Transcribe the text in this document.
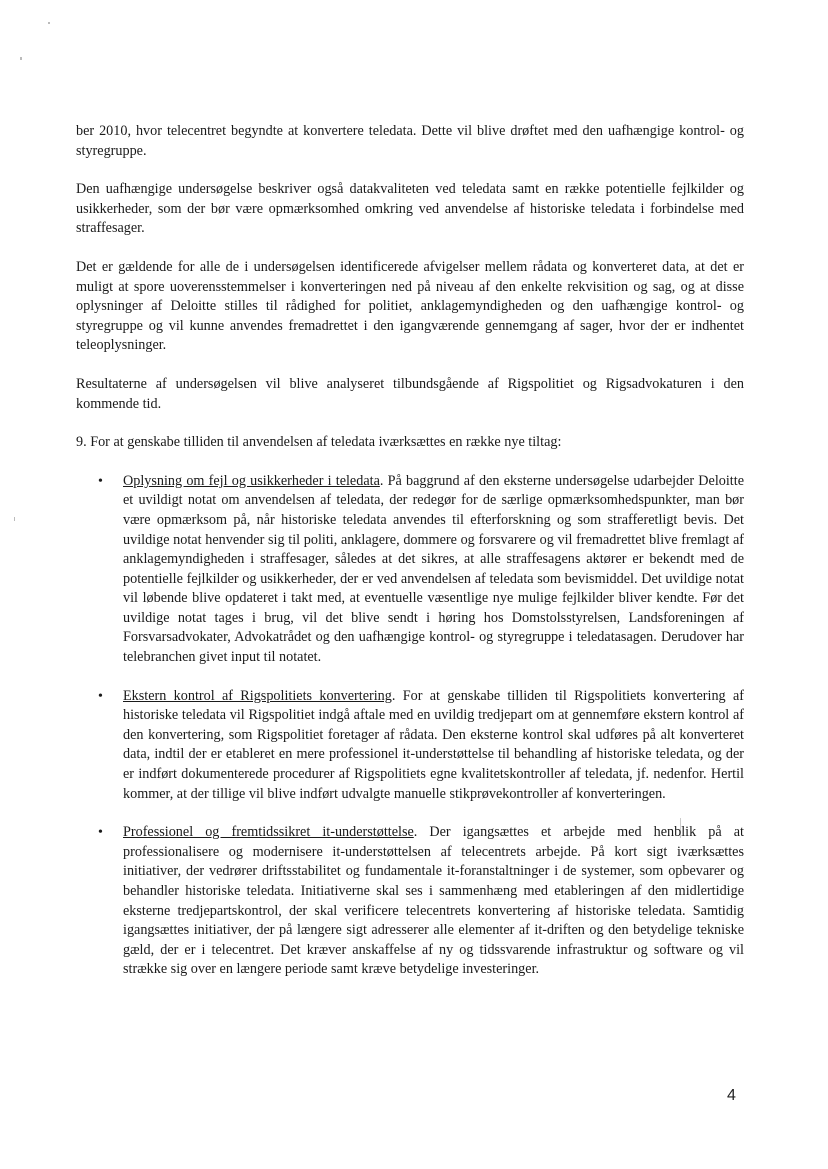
ber 2010, hvor telecentret begyndte at konvertere teledata. Dette vil blive drøftet med den uafhængige kontrol- og styregruppe.

Den uafhængige undersøgelse beskriver også datakvaliteten ved teledata samt en række potentielle fejlkilder og usikkerheder, som der bør være opmærksomhed omkring ved anvendelse af historiske teledata i forbindelse med straffesager.

Det er gældende for alle de i undersøgelsen identificerede afvigelser mellem rådata og konverteret data, at det er muligt at spore uoverensstemmelser i konverteringen ned på niveau af den enkelte rekvisition og sag, og at disse oplysninger af Deloitte stilles til rådighed for politiet, anklagemyndigheden og den uafhængige kontrol- og styregruppe og vil kunne anvendes fremadrettet i den igangværende gennemgang af sager, hvor der er indhentet teleoplysninger.

Resultaterne af undersøgelsen vil blive analyseret tilbundsgående af Rigspolitiet og Rigsadvokaturen i den kommende tid.

9. For at genskabe tilliden til anvendelsen af teledata iværksættes en række nye tiltag:

• Oplysning om fejl og usikkerheder i teledata. På baggrund af den eksterne undersøgelse udarbejder Deloitte et uvildigt notat om anvendelsen af teledata, der redegør for de særlige opmærksomhedspunkter, man bør være opmærksom på, når historiske teledata anvendes til efterforskning og som strafferetligt bevis. Det uvildige notat henvender sig til politi, anklagere, dommere og forsvarere og vil fremadrettet blive fremlagt af anklagemyndigheden i straffesager, således at det sikres, at alle straffesagens aktører er bekendt med de potentielle fejlkilder og usikkerheder, der er ved anvendelsen af teledata som bevismiddel. Det uvildige notat vil løbende blive opdateret i takt med, at eventuelle væsentlige nye mulige fejlkilder bliver kendte. Før det uvildige notat tages i brug, vil det blive sendt i høring hos Domstolsstyrelsen, Landsforeningen af Forsvarsadvokater, Advokatrådet og den uafhængige kontrol- og styregruppe i teledatasagen. Derudover har telebranchen givet input til notatet.
• Ekstern kontrol af Rigspolitiets konvertering. For at genskabe tilliden til Rigspolitiets konvertering af historiske teledata vil Rigspolitiet indgå aftale med en uvildig tredjepart om at gennemføre ekstern kontrol af den konvertering, som Rigspolitiet foretager af rådata. Den eksterne kontrol skal udføres på alt konverteret data, indtil der er etableret en mere professionel it-understøttelse til behandling af historiske teledata, og der er indført dokumenterede procedurer af Rigspolitiets egne kvalitetskontroller af teledata, jf. nedenfor. Hertil kommer, at der tillige vil blive indført udvalgte manuelle stikprøvekontroller af konverteringen.
• Professionel og fremtidssikret it-understøttelse. Der igangsættes et arbejde med henblik på at professionalisere og modernisere it-understøttelsen af telecentrets arbejde. På kort sigt iværksættes initiativer, der vedrører driftsstabilitet og fundamentale it-foranstaltninger i de systemer, som opbevarer og behandler historiske teledata. Initiativerne skal ses i sammenhæng med etableringen af den midlertidige eksterne tredjepartskontrol, der skal verificere telecentrets konvertering af historiske teledata. Samtidig igangsættes initiativer, der på længere sigt adresserer alle elementer af it-driften og den betydelige tekniske gæld, der er i telecentret. Det kræver anskaffelse af ny og tidssvarende infrastruktur og software og vil strække sig over en længere periode samt kræve betydelige investeringer.
4
